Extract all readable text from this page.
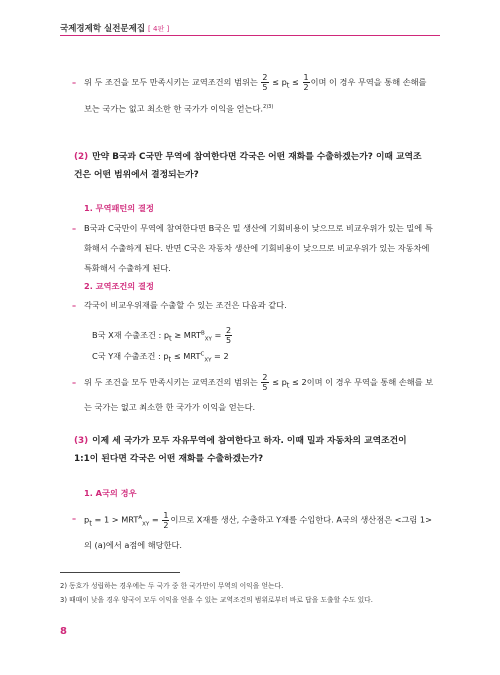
국제경제학 실전문제집 [ 4판 ]
– 위 두 조건을 모두 만족시키는 교역조건의 범위는 $\frac{2}{5} \le p_t \le \frac{1}{2}$ 이며 이 경우 무역을 통해 손해를 보는 국가는 없고 최소한 한 국가가 이익을 얻는다.$^{2)3)}$
(2) 만약 B국과 C국만 무역에 참여한다면 각국은 어떤 재화를 수출하겠는가? 이때 교역조건은 어떤 범위에서 결정되는가?
1. 무역패턴의 결정
– B국과 C국만이 무역에 참여한다면 B국은 밀 생산에 기회비용이 낮으므로 비교우위가 있는 밀에 특화해서 수출하게 된다. 반면 C국은 자동차 생산에 기회비용이 낮으므로 비교우위가 있는 자동차에 특화해서 수출하게 된다.
2. 교역조건의 결정
– 각국이 비교우위재를 수출할 수 있는 조건은 다음과 같다.
B국 X재 수출조건 : $p_t \ge MRT^B_{XY} = \frac{2}{5}$
C국 Y재 수출조건 : $p_t \le MRT^C_{XY} = 2$
– 위 두 조건을 모두 만족시키는 교역조건의 범위는 $\frac{2}{5} \le p_t \le 2$이며 이 경우 무역을 통해 손해를 보는 국가는 없고 최소한 한 국가가 이익을 얻는다.
(3) 이제 세 국가가 모두 자유무역에 참여한다고 하자. 이때 밀과 자동차의 교역조건이 1:1이 된다면 각국은 어떤 재화를 수출하겠는가?
1. A국의 경우
– $p_t = 1 > MRT^A_{XY} = \frac{1}{2}$ 이므로 X재를 생산, 수출하고 Y재를 수입한다. A국의 생산점은 <그림 1>의 (a)에서 a점에 해당한다.
2) 동호가 성립하는 경우에는 두 국가 중 한 국가만이 무역의 이익을 얻는다.
3) 때때이 낮을 경우 양국이 모두 이익을 얻을 수 있는 교역조건의 범위로부터 바로 답을 도출할 수도 있다.
8
